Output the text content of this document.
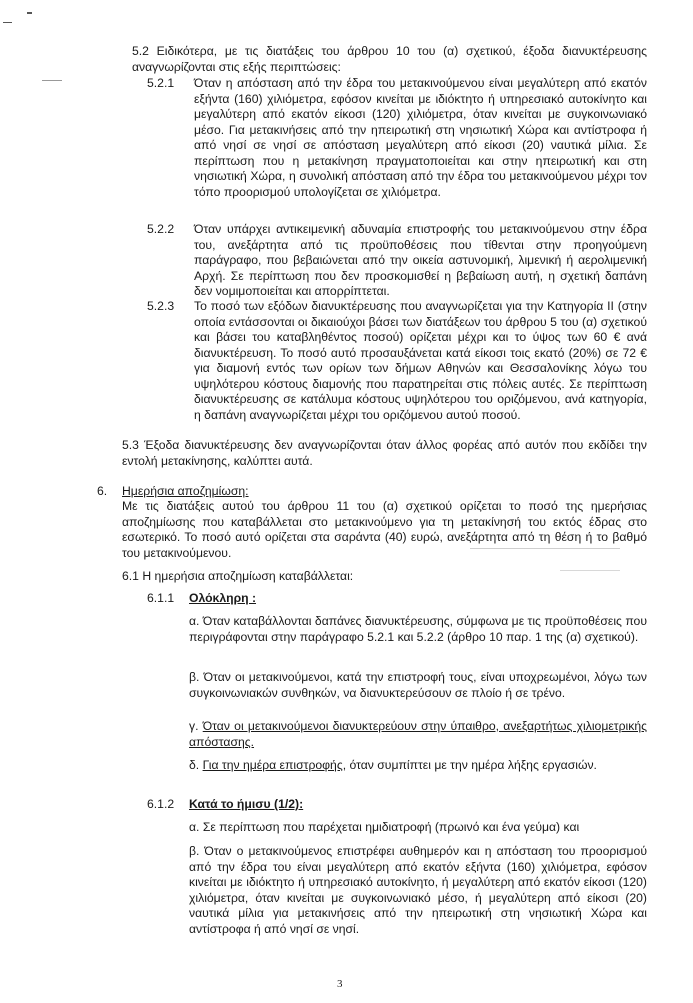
5.2 Ειδικότερα, με τις διατάξεις του άρθρου 10 του (α) σχετικού, έξοδα διανυκτέρευσης αναγνωρίζονται στις εξής περιπτώσεις:
5.2.1 Όταν η απόσταση από την έδρα του μετακινούμενου είναι μεγαλύτερη από εκατόν εξήντα (160) χιλιόμετρα, εφόσον κινείται με ιδιόκτητο ή υπηρεσιακό αυτοκίνητο και μεγαλύτερη από εκατόν είκοσι (120) χιλιόμετρα, όταν κινείται με συγκοινωνιακό μέσο. Για μετακινήσεις από την ηπειρωτική στη νησιωτική Χώρα και αντίστροφα ή από νησί σε νησί σε απόσταση μεγαλύτερη από είκοσι (20) ναυτικά μίλια. Σε περίπτωση που η μετακίνηση πραγματοποιείται και στην ηπειρωτική και στη νησιωτική Χώρα, η συνολική απόσταση από την έδρα του μετακινούμενου μέχρι τον τόπο προορισμού υπολογίζεται σε χιλιόμετρα.
5.2.2 Όταν υπάρχει αντικειμενική αδυναμία επιστροφής του μετακινούμενου στην έδρα του, ανεξάρτητα από τις προϋποθέσεις που τίθενται στην προηγούμενη παράγραφο, που βεβαιώνεται από την οικεία αστυνομική, λιμενική ή αερολιμενική Αρχή. Σε περίπτωση που δεν προσκομισθεί η βεβαίωση αυτή, η σχετική δαπάνη δεν νομιμοποιείται και απορρίπτεται.
5.2.3 Το ποσό των εξόδων διανυκτέρευσης που αναγνωρίζεται για την Κατηγορία ΙΙ (στην οποία εντάσσονται οι δικαιούχοι βάσει των διατάξεων του άρθρου 5 του (α) σχετικού και βάσει του καταβληθέντος ποσού) ορίζεται μέχρι και το ύψος των 60 € ανά διανυκτέρευση. Το ποσό αυτό προσαυξάνεται κατά είκοσι τοις εκατό (20%) σε 72 € για διαμονή εντός των ορίων των δήμων Αθηνών και Θεσσαλονίκης λόγω του υψηλότερου κόστους διαμονής που παρατηρείται στις πόλεις αυτές. Σε περίπτωση διανυκτέρευσης σε κατάλυμα κόστους υψηλότερου του οριζόμενου, ανά κατηγορία, η δαπάνη αναγνωρίζεται μέχρι του οριζόμενου αυτού ποσού.
5.3 Έξοδα διανυκτέρευσης δεν αναγνωρίζονται όταν άλλος φορέας από αυτόν που εκδίδει την εντολή μετακίνησης, καλύπτει αυτά.
6. Ημερήσια αποζημίωση:
Με τις διατάξεις αυτού του άρθρου 11 του (α) σχετικού ορίζεται το ποσό της ημερήσιας αποζημίωσης που καταβάλλεται στο μετακινούμενο για τη μετακίνησή του εκτός έδρας στο εσωτερικό. Το ποσό αυτό ορίζεται στα σαράντα (40) ευρώ, ανεξάρτητα από τη θέση ή το βαθμό του μετακινούμενου.
6.1 Η ημερήσια αποζημίωση καταβάλλεται:
6.1.1 Ολόκληρη :
α. Όταν καταβάλλονται δαπάνες διανυκτέρευσης, σύμφωνα με τις προϋποθέσεις που περιγράφονται στην παράγραφο 5.2.1 και 5.2.2 (άρθρο 10 παρ. 1 της (α) σχετικού).
β. Όταν οι μετακινούμενοι, κατά την επιστροφή τους, είναι υποχρεωμένοι, λόγω των συγκοινωνιακών συνθηκών, να διανυκτερεύσουν σε πλοίο ή σε τρένο.
γ. Όταν οι μετακινούμενοι διανυκτερεύουν στην ύπαιθρο, ανεξαρτήτως χιλιομετρικής απόστασης.
δ. Για την ημέρα επιστροφής, όταν συμπίπτει με την ημέρα λήξης εργασιών.
6.1.2 Κατά το ήμισυ (1/2):
α. Σε περίπτωση που παρέχεται ημιδιατροφή (πρωινό και ένα γεύμα) και
β. Όταν ο μετακινούμενος επιστρέφει αυθημερόν και η απόσταση του προορισμού από την έδρα του είναι μεγαλύτερη από εκατόν εξήντα (160) χιλιόμετρα, εφόσον κινείται με ιδιόκτητο ή υπηρεσιακό αυτοκίνητο, ή μεγαλύτερη από εκατόν είκοσι (120) χιλιόμετρα, όταν κινείται με συγκοινωνιακό μέσο, ή μεγαλύτερη από είκοσι (20) ναυτικά μίλια για μετακινήσεις από την ηπειρωτική στη νησιωτική Χώρα και αντίστροφα ή από νησί σε νησί.
3
